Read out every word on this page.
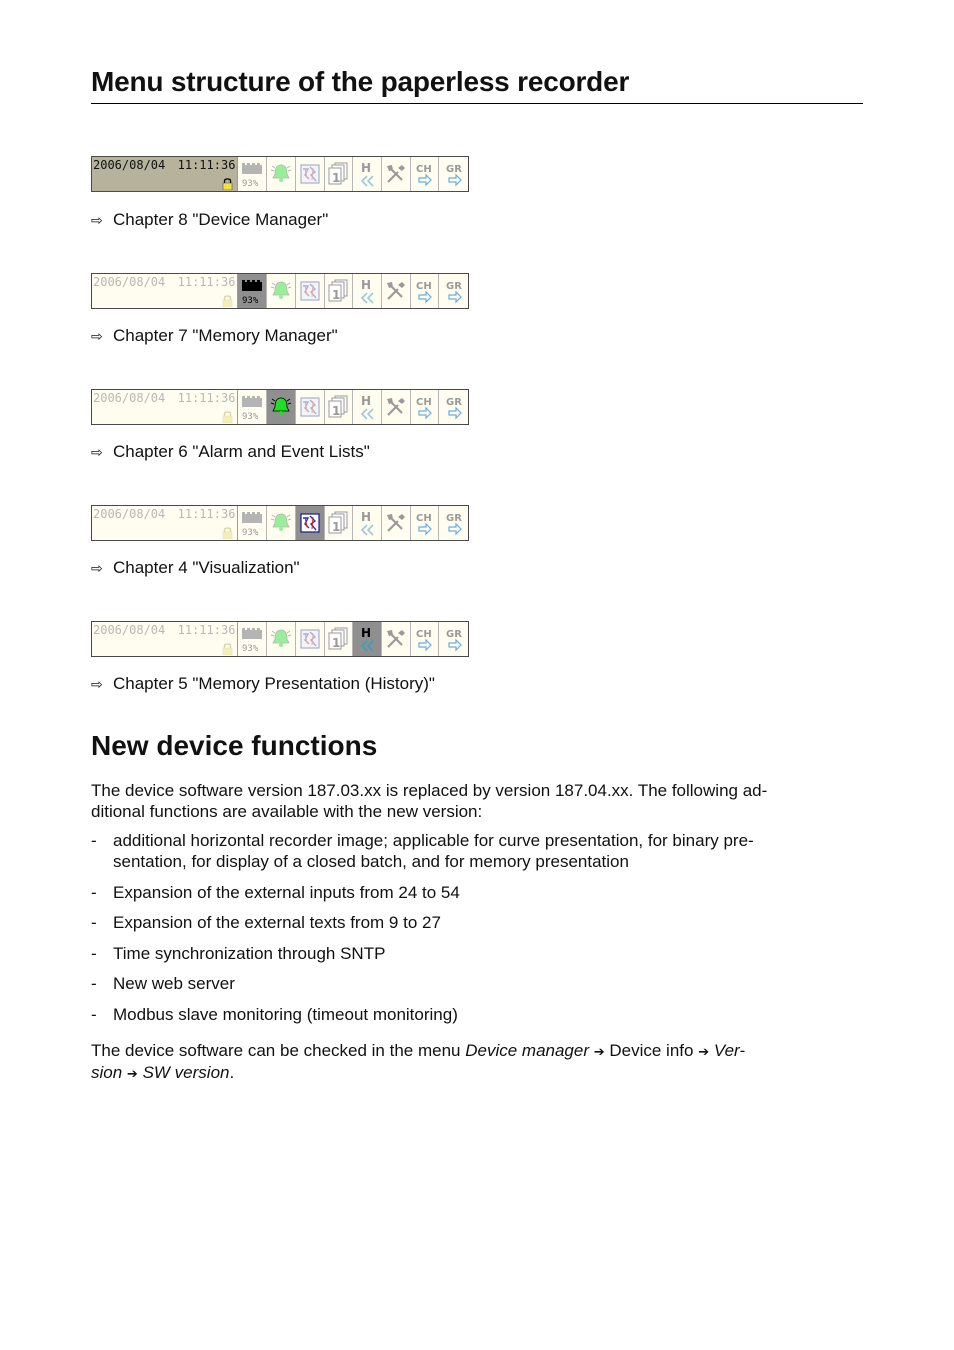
Menu structure of the paperless recorder
2006/08/04 11:11:36
93%	1
H	CH GR
⇨ Chapter 8 "Device Manager"
2006/08/04 11:11:36
93%	1
H	CH GR
⇨ Chapter 7 "Memory Manager"
2006/08/04 11:11:36
93%	1
H	CH GR
⇨ Chapter 6 "Alarm and Event Lists"
2006/08/04 11:11:36
93%	1
H	CH GR
⇨ Chapter 4 "Visualization"
2006/08/04 11:11:36
93%	1
H	CH GR
⇨ Chapter 5 "Memory Presentation (History)"
New device functions

The device software version 187.03.xx is replaced by version 187.04.xx. The following ad-
ditional functions are available with the new version:

- additional horizontal recorder image; applicable for curve presentation, for binary pre-
sentation, for display of a closed batch, and for memory presentation
- Expansion of the external inputs from 24 to 54
- Expansion of the external texts from 9 to 27
- Time synchronization through SNTP
- New web server
- Modbus slave monitoring (timeout monitoring)

The device software can be checked in the menu Device manager ➔ Device info ➔ Ver-
sion ➔ SW version.
